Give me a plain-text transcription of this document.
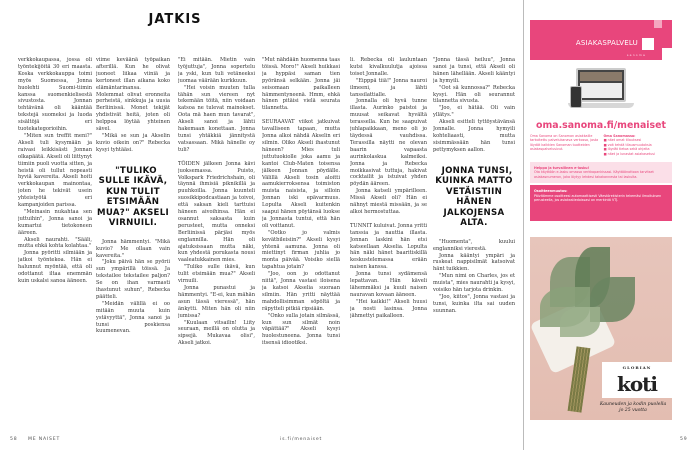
JATKIS

verkkokaupassa, jossa oli työntekijöitä 30 eri maasta. Koska verkkokauppa toimi myös Suomessa, Jonna huolehti Suomi-tiimin kanssa suomenkielisestä sivustosta. Jonnan tehtävänä oli kääntää tekstejä suomeksi ja luoda sisältöjä eri tuotekategorioihin.

"Miten sun treffit meni?" Akseli tuli kysymään ja raivasi leikkisästi Jonnan olkapäätä. Akseli oli liittynyt tiimiin puoli vuotta sitten, ja heistä oli tullut nopeasti hyviä kavereita. Akseli hoiti verkkokaupan mainontaa, joten he tekivät usein yhteistyötä eri kampanjoiden parissa.

"Meinasin nukahtaa sen juttuihin", Jonna sanoi ja kumartui tietokoneen ääreen.

Akseli naurahti. "Sääli, mutta ehkä kohta kolahtaa."

Jonna pyöritti silmiään ja jatkoi työntekoa. Hän ei halunnut myöntää, että oli odottanut iltaa enemmän kuin uskalsi sanoa ääneen.

viime keväänä työpaikan afterillä. Kun he olivat juoneet liikaa viiniä ja kertoneet illan aikana koko elämäntarinansa. Molemmat olivat eronneita perheistä, sinkkuja ja uusia Berliinissä. Monet tekijät yhdistivät heitä, joten oli helppoa löytää yhteinen sävel.

"Mikä se sun ja Akselin kuvio oikein on?" Rebecka kysyi tyhtääsi.

"TULIKO SULLE IKÄVÄ, KUN TULIT ETSIMÄÄN MUA?" AKSELI VIRNUILI.

Jonna hämmentyi. "Mikä kuvio? Me ollaan vain kavereita."

"Joku päivä hän se pyörii sun ympärillä töissä. Ja tekstailee tekstailee paljon? Se on ihan varmasti ihastunut suhun", Rebecka päätteli.

"Meidän välillä ei oo mitään muuta kuin ystävyyttä", Jonna sanoi ja tunsi poskiensa kuumenevan.

"Ei mitään. Mietin vain työjuttuja", Jonna sopertelu ja yski, kun tuli vetäneeksi juomaa väärään kurkkuun.

"Hei voisin muuten tulla tähän sun viereen nyt tekemään töitä, niin voidaan katsoa ne tulevat mainokset. Oota mä haen mun tavarat", Akseli sanoi ja lähti hakemaan konettaan. Jonna tunsi yhtäkkiä jännitystä vatsassaan. Mikä hänelle oy tuli?

TÖIDEN jälkeen Jonna kävi juoksemassa. Puisto, Volkspark Friedrichshain, oli täynnä ihmisiä piknikillä ja puuhkoilla. Jonna kuunteli suosikkipodcastiaan ja toivoi, että saksan kieli tarttuisi häneen aivoihinsa. Hän ei osannut saksasta kuin perusteet, mutta onneksi Berliinissä pärjäsi myös englannilla. Hän oli ajatuksissaan mutta näki, kun yhdestä porukasta nousi vaaleatukkainen mies.

"Tuliko sulle ikävä, kun tulit etsimään mua?" Akseli virnuili.

Jonna punastui ja hämmentyi. "E-ei, kun mähän asun tässä vieressä", hän änkytti. Miten hän oli niin jumissa?

"Kuulaan vitsailin! Liity seuraan, meillä on olutta ja sipsejä. Mukavaa olisi", Akseli jatkoi.

"Mut nähdään huomenna taas töissä. Moro!" Akseli huikkasi ja hyppäsi saman tien pyöränsä selkään. Jonna jäi seisomaan paikalleen hämmentyneenä. Hmm, ehkä hänen pitäisi vielä seurata tilannetta.

SEURAAVAT viikot jatkuivat tavalliseen tapaan, mutta Jonna alkoi nähdä Akselin eri silmin. Oliko Akseli ihastunut häneen? Mies tuli juttutuokiolle joka aamu ja kantoi Club-Maten toisensa jälkeen Jonnan pöydälle. Välillä Akseli tosin aloitti aamukierroksensa toimiston muista naisista, ja silloin Jonnan iski epävarmuus. Lopulta Akseli kuitenkin saapui hänen pöytänsä luokse ja Jonnasta tuntui, että hän oli voittanut.

"Ootko jo valmis kevätbileisiin?" Akseli kysyi yhtenä aamuna. Jonna oli miettinyt firman juhlia jo monta päivää. Voisiko siellä tapahtua jotain?

"Joo, oon jo odottanut niitä", Jonna vastasi iloisena ja katsoi Akselia suoraan silmiin. Hän yritti näyttää mahdollisimman söpöltä ja räpytteli pitkiä ripsiään.

"Onko sulla jotain silmässä, kun sun silmät noin väpättää?" Akseli kysyi huolestuneena. Jonna tunsi itsensä idiootiksi.

li. Rebecka oli lauluntaan kutsi kivalkuulutja ajoissa toiset Jonnalle.

"Eipppä tiiä!" Jonna nauroi ilmeeni, ja lähti tanssilattialle.

Jonnalla oli hyvä tunne illasta. Aurinko paistoi ja muusat seikavat hyvältä terassella. Kun he saapuivat juhlapaikkaan, meno oli jo täydessä vauhdissa. Terassilla näytti ne olevan baarin vapaasta aurinkolaskua kalmeiksi. Jonna ja Rebecka moikkasivat tuttuja, hakivat cocktailit ja istuivat yhden pöydän ääreen.

Jonna katseli ympärilleen. Missä Akseli oli? Hän ei nähnyt miestä missään, ja se alkoi hermostuttaa.

TUNNIT kuluivat. Jonna yritti tanssia ja nauttia illasta. Jonnan laskini hän etsi katseellaan Akselia. Lopulta hän näki hänet baaritiskillä keskustelemassa erään naisen kanssa.

Jonna tunsi sydämensä lepattavan. Hän käveli lähemmäksi ja kuuli naisen nauravan kovaan ääneen.

"Hei kaikki!" Akseli huusi ja nosti lasinsa. Jonna jähmettyi paikalleen.

"Jonna tässä heiluu", Jonna sanoi ja tunsi, että Akseli oli hänen lähellään. Akseli kääntyi ja hymyili.

"Oot sä kunnossa?" Rebecka kysyi. Hän oli seurannut tilannetta sivusta.

"Joo, ei hätää. Oli vain yllätys."

Akseli esitteli tyttöystävänsä Jonnalle. Jonna hymyili kohteliaasti, mutta sisimmässään hän tunsi pettymyksen aallon.

JONNA TUNSI, KUINKA MATTO VETÄISTIIN HÄNEN JALKOJENSA ALTA.

"Huomenta", kuului englanniksi vierestä.

Jonna kääntyi ympäri ja ruskeat nappisilmät katsoivat hänt tuikkien.

"Mun nimi on Charles, jos et muista", mies naurahti ja kysyi, voisiko hän tarjota drinkin.

"Joo, kiitos", Jonna vastasi ja tunsi, kuinka ilta sai uuden suunnan.

ASIAKASPALVELU
sanoma
oma.sanoma.fi/menaiset
Oma Sanoma on Sanoman asiakkaille tarkoitettu palvelukanava verkossa, josta löydät kaikkien Sanoman tuotteiden asiakaspalvelusivut.
Oma Sanomassa:
■ näet omat tilauksesi
■ voit tehdä tilausmuutoksia
■ löydät tietoa sekä ohjeita
■ näet ja lunastat asiakasetusi
Helppo ja turvallinen e-lasku!
Ota käyttöön e-lasku omassa verkkopankissasi. Käyttöönottoon tarvitset asiakasnumeron, joka löytyy lehdesi takakannesta tai laskulta.
Osoitteenmuutos:
Päivitämme osoitteesi automaattisesti Väestörekisterin tekemäsi ilmoituksen perusteella, jos asiakastiedoissasi on merkintä VTJ.
GLORIAN
koti
Kauneuden ja kodin puolella jo 25 vuotta
58 ME NAISET	is.fi/menaiset	59
